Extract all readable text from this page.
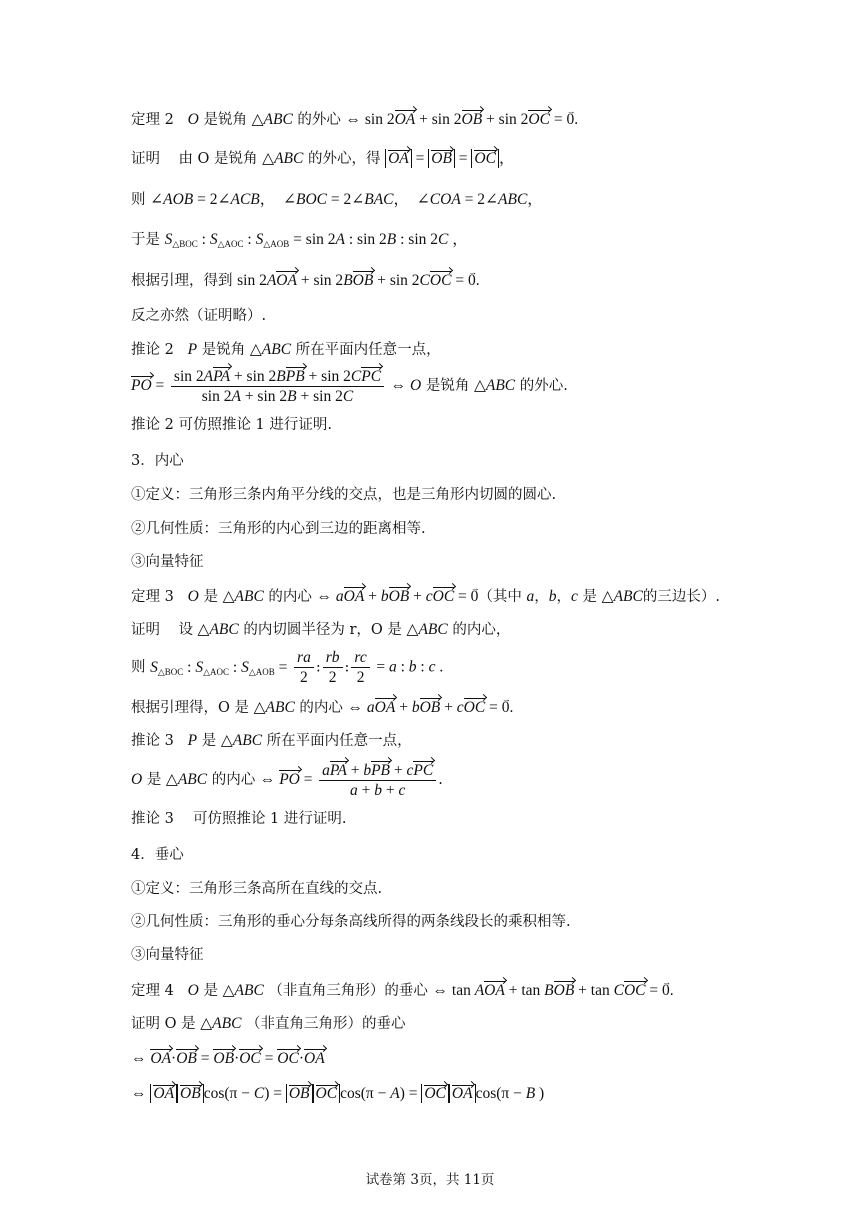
定理 2 O 是锐角 △ABC 的外心 ⇔ sin 2OA + sin 2OB + sin 2OC = → 0.
证明 由 O 是锐角 △ABC 的外心，得 OA = OB = OC ，
则 ∠AOB = 2∠ACB，  ∠BOC = 2∠BAC，  ∠COA = 2∠ABC，
于是 $S_{\triangle BOC}$ : $S_{\triangle AOC}$ : $S_{\triangle AOB} = \sin 2A$ : sin 2B : sin 2C ，
根据引理，得到 sin 2AOA + sin 2BOB + sin 2COC = → 0.
反之亦然（证明略）.
推论 2 P 是锐角 △ABC 所在平面内任意一点，
PO = $\frac{\text{sin 2APA + sin 2BPB + sin 2CPC}}{\sin 2A + \sin 2B + \sin 2C}$ ⇔ O 是锐角 △ABC 的外心.
推论 2 可仿照推论 1 进行证明.
3．内心
①定义：三角形三条内角平分线的交点，也是三角形内切圆的圆心.
②几何性质：三角形的内心到三边的距离相等.
③向量特征
定理 3 O 是 △ABC 的内心 ⇔ aOA + bOB + cOC = → 0（其中 a，b，c 是 △ABC的三边长）.
证明 设 △ABC 的内切圆半径为 r，O 是 △ABC 的内心，
则 $S_{\triangle BOC}$ : $S_{\triangle AOC}$ : $S_{\triangle AOB} = \frac{ra}{2}$ : $\frac{rb}{2}$ : $\frac{rc}{2} = a$ : b : c .
根据引理得，O 是 △ABC 的内心 ⇔ aOA + bOB + cOC = → 0.
推论 3 P 是 △ABC 所在平面内任意一点，
O 是 △ABC 的内心 ⇔ PO = $\frac{\text{aPA + bPB + cPC}}{a + b + c}$ .
推论 3　 可仿照推论 1 进行证明.
4．垂心
①定义：三角形三条高所在直线的交点.
②几何性质：三角形的垂心分每条高线所得的两条线段长的乘积相等.
③向量特征
定理 4 O 是 △ABC （非直角三角形）的垂心 ⇔ tan AOA + tan BOB + tan COC = → 0.
证明 O 是 △ABC （非直角三角形）的垂心
⇔ OA·OB = OB·OC = OC·OA
⇔ OA OB cos(π − C) = OB OC cos(π − A) = OC OA cos(π − B )
试卷第 3页，共 11页
